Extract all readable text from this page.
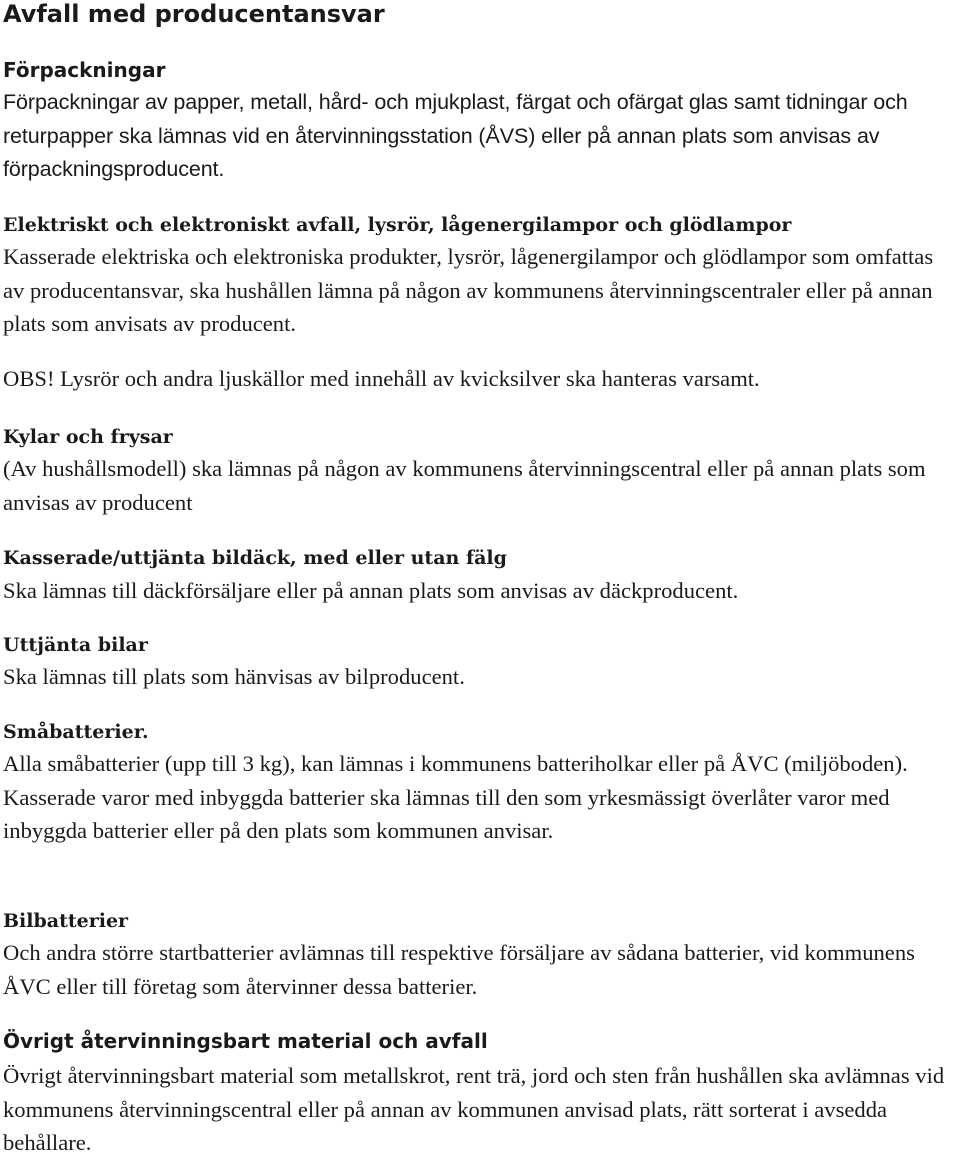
Avfall med producentansvar
Förpackningar

Förpackningar av papper, metall, hård- och mjukplast, färgat och ofärgat glas samt tidningar och returpapper ska lämnas vid en återvinningsstation (ÅVS) eller på annan plats som anvisas av förpackningsproducent.

Elektriskt och elektroniskt avfall, lysrör, lågenergilampor och glödlampor

Kasserade elektriska och elektroniska produkter, lysrör, lågenergilampor och glödlampor som omfattas av producentansvar, ska hushållen lämna på någon av kommunens återvinningscentraler eller på annan plats som anvisats av producent.

OBS! Lysrör och andra ljuskällor med innehåll av kvicksilver ska hanteras varsamt.

Kylar och frysar

(Av hushållsmodell) ska lämnas på någon av kommunens återvinningscentral eller på annan plats som anvisas av producent

Kasserade/uttjänta bildäck, med eller utan fälg

Ska lämnas till däckförsäljare eller på annan plats som anvisas av däckproducent.

Uttjänta bilar

Ska lämnas till plats som hänvisas av bilproducent.

Småbatterier.

Alla småbatterier (upp till 3 kg), kan lämnas i kommunens batteriholkar eller på ÅVC (miljöboden). Kasserade varor med inbyggda batterier ska lämnas till den som yrkesmässigt överlåter varor med inbyggda batterier eller på den plats som kommunen anvisar.

Bilbatterier

Och andra större startbatterier avlämnas till respektive försäljare av sådana batterier, vid kommunens ÅVC eller till företag som återvinner dessa batterier.

Övrigt återvinningsbart material och avfall

Övrigt återvinningsbart material som metallskrot, rent trä, jord och sten från hushållen ska avlämnas vid kommunens återvinningscentral eller på annan av kommunen anvisad plats, rätt sorterat i avsedda behållare.
